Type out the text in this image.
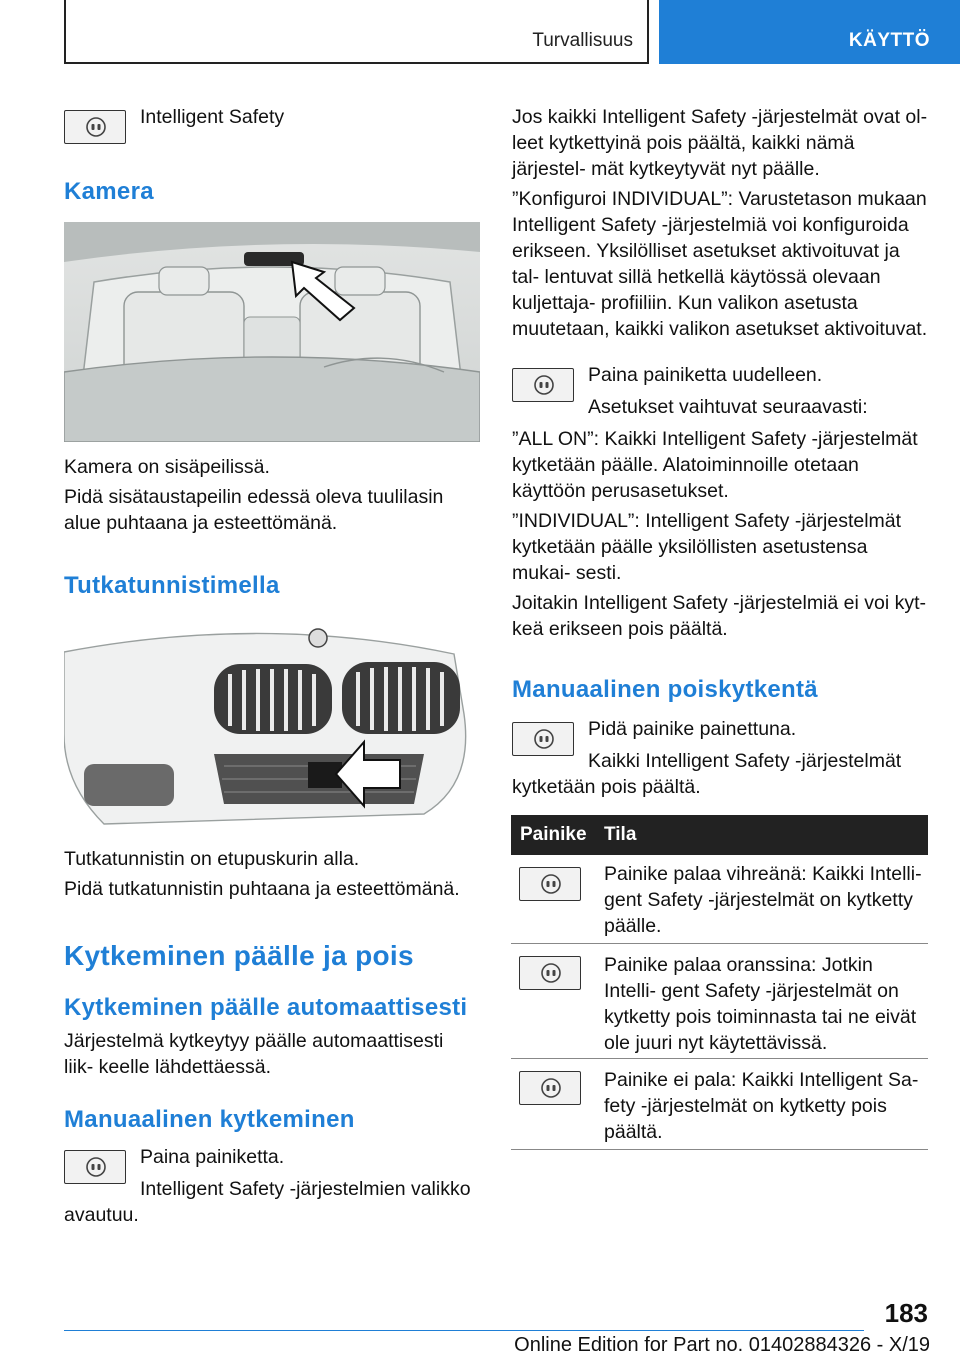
Turvallisuus	KÄYTTÖ

Intelligent Safety

Kamera

Kamera on sisäpeilissä.

Pidä sisätaustapeilin edessä oleva tuulilasin alue puhtaana ja esteettömänä.

Tutkatunnistimella

Tutkatunnistin on etupuskurin alla.

Pidä tutkatunnistin puhtaana ja esteettömänä.

Kytkeminen päälle ja pois
Kytkeminen päälle automaattisesti

Järjestelmä kytkeytyy päälle automaattisesti liik- keelle lähdettäessä.

Manuaalinen kytkeminen

Paina painiketta.

Intelligent Safety -järjestelmien valikko avautuu.

Jos kaikki Intelligent Safety -järjestelmät ovat ol- leet kytkettyinä pois päältä, kaikki nämä järjestel- mät kytkeytyvät nyt päälle.

”Konfiguroi INDIVIDUAL”: Varustetason mukaan Intelligent Safety -järjestelmiä voi konfiguroida erikseen. Yksilölliset asetukset aktivoituvat ja tal- lentuvat sillä hetkellä käytössä olevaan kuljettaja- profiiliin. Kun valikon asetusta muutetaan, kaikki valikon asetukset aktivoituvat.

Paina painiketta uudelleen.

Asetukset vaihtuvat seuraavasti:

”ALL ON”: Kaikki Intelligent Safety -järjestelmät kytketään päälle. Alatoiminnoille otetaan käyttöön perusasetukset.

”INDIVIDUAL”: Intelligent Safety -järjestelmät kytketään päälle yksilöllisten asetustensa mukai- sesti.

Joitakin Intelligent Safety -järjestelmiä ei voi kyt- keä erikseen pois päältä.

Manuaalinen poiskytkentä

Pidä painike painettuna.

Kaikki Intelligent Safety -järjestelmät kytketään pois päältä.

Painike Tila
Painike palaa vihreänä: Kaikki Intelli- gent Safety -järjestelmät on kytketty päälle.
Painike palaa oranssina: Jotkin Intelli- gent Safety -järjestelmät on kytketty pois toiminnasta tai ne eivät ole juuri nyt käytettävissä.
Painike ei pala: Kaikki Intelligent Sa- fety -järjestelmät on kytketty pois päältä.
183
Online Edition for Part no. 01402884326 - X/19
